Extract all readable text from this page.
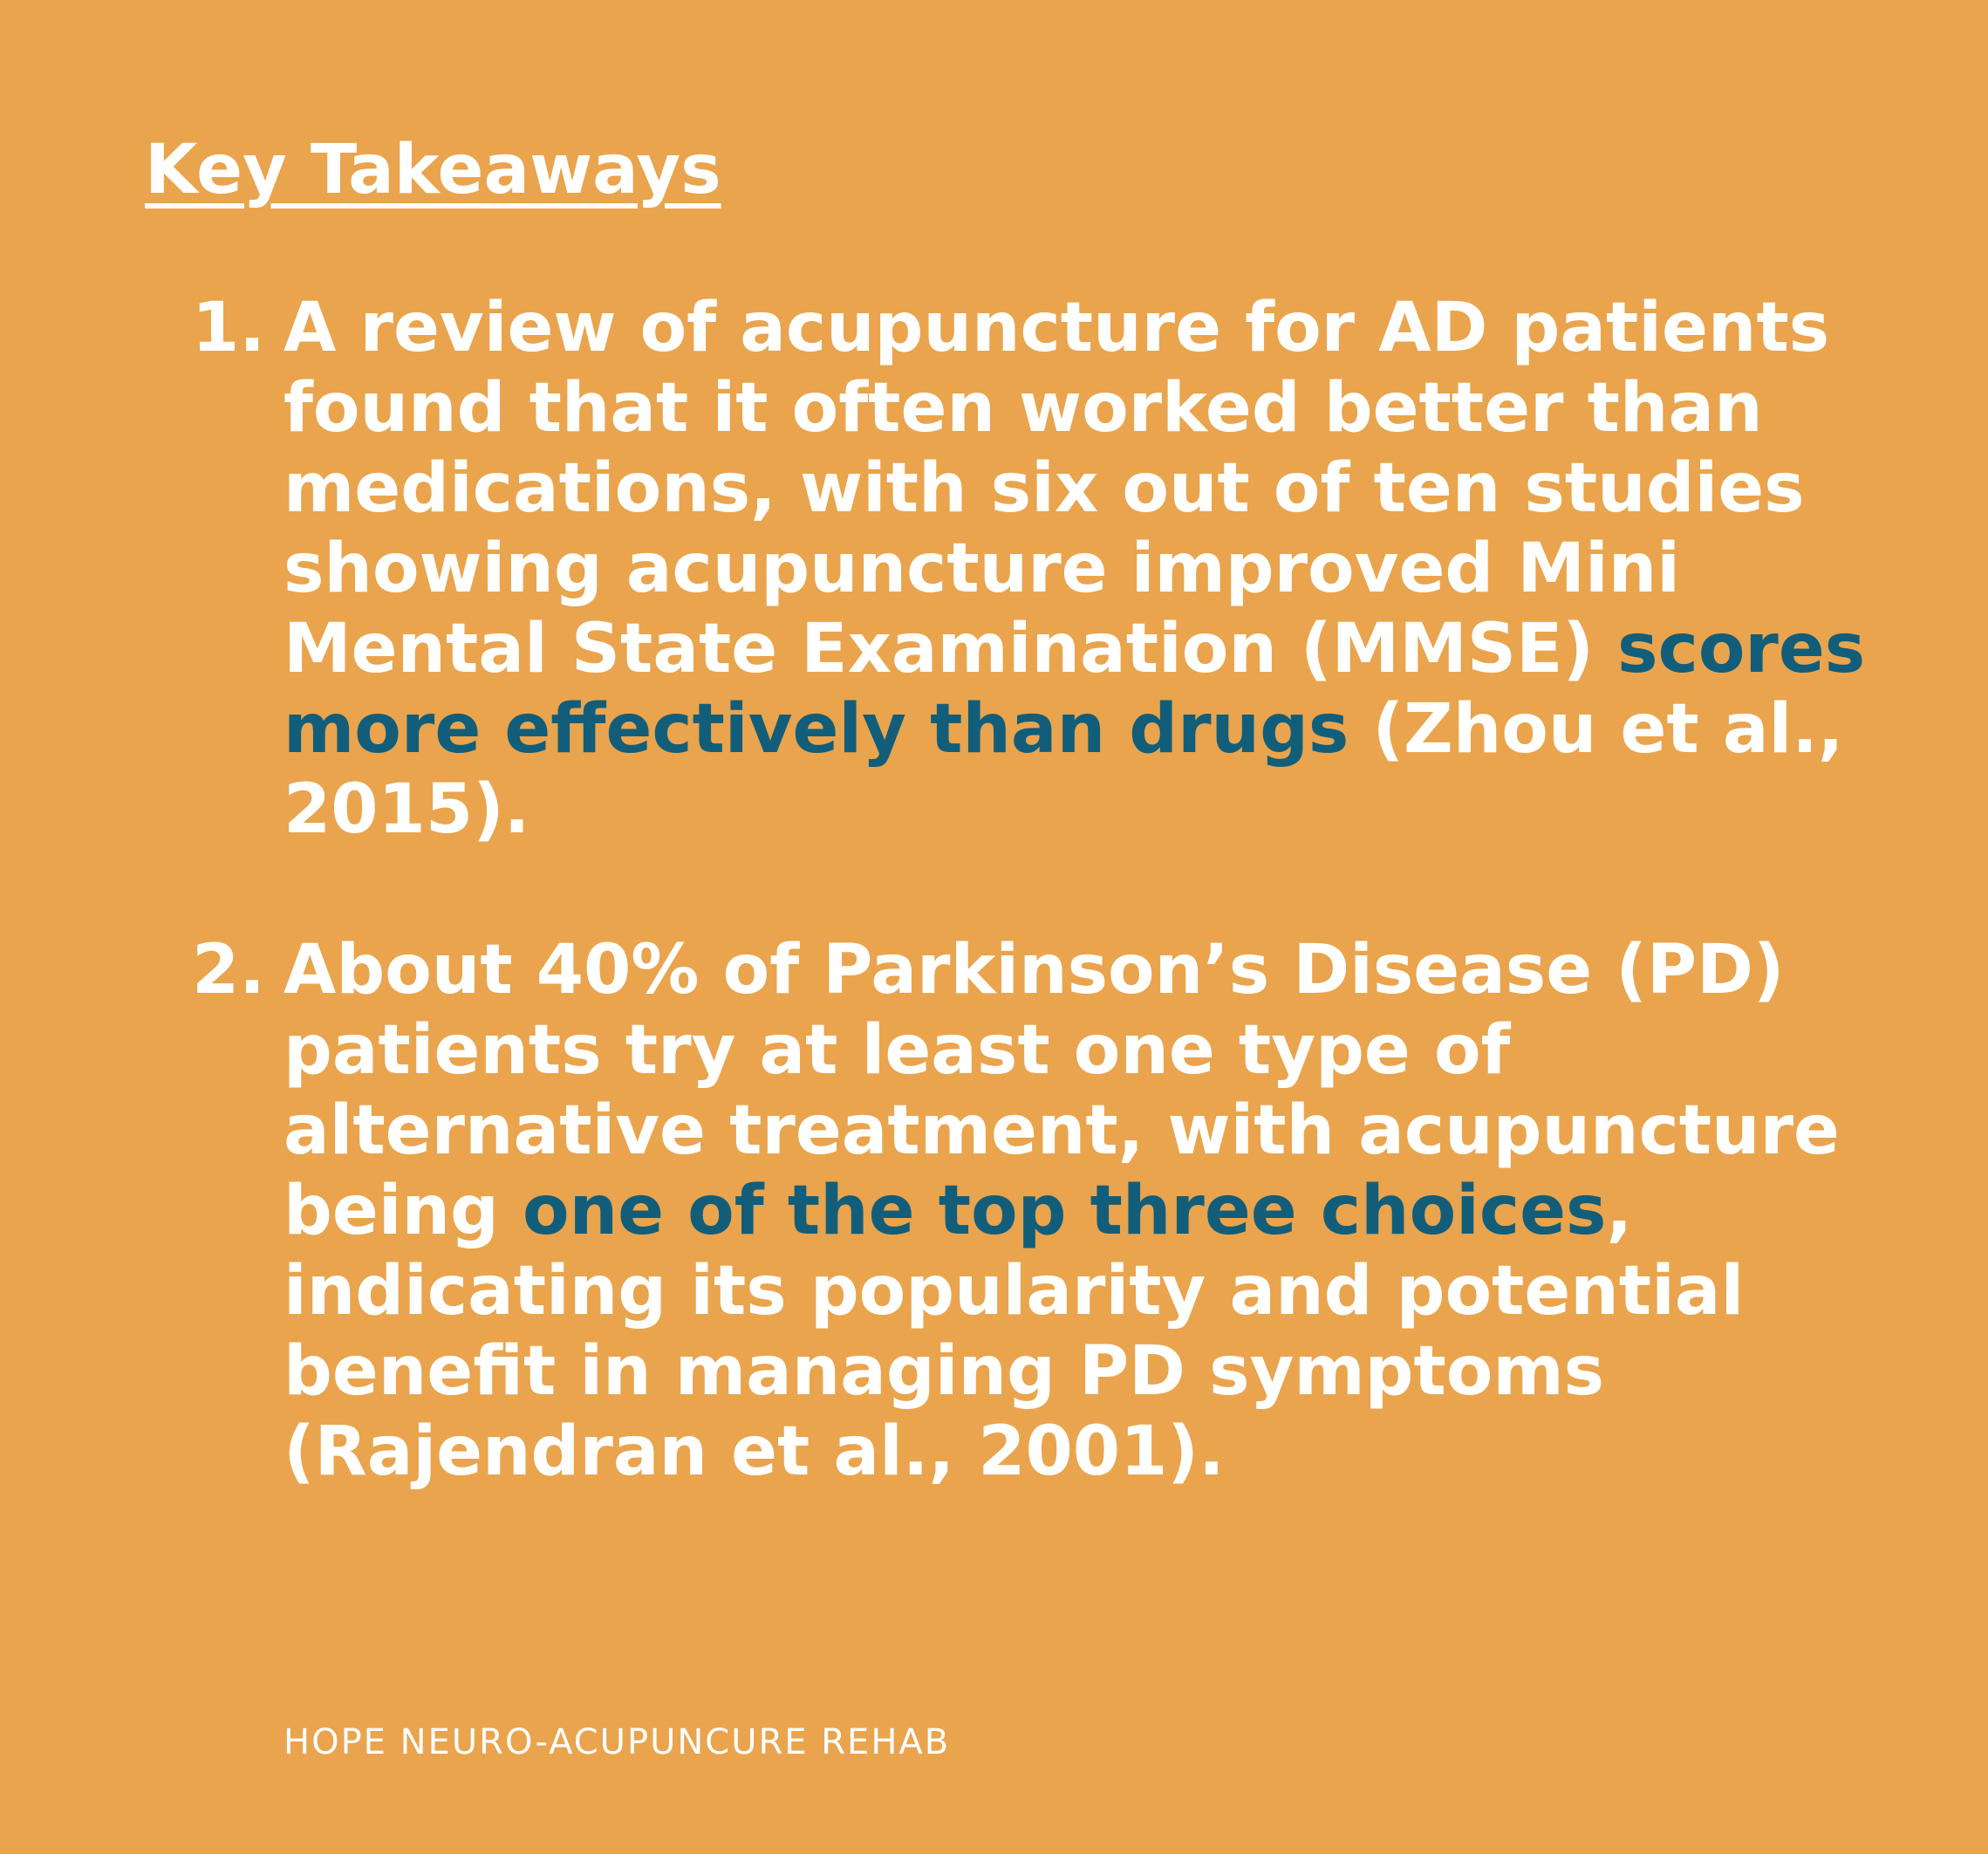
Key Takeaways
1. A review of acupuncture for AD patients found that it often worked better than medications, with six out of ten studies showing acupuncture improved Mini Mental State Examination (MMSE) scores more effectively than drugs (Zhou et al., 2015).
2. About 40% of Parkinson’s Disease (PD) patients try at least one type of alternative treatment, with acupuncture being one of the top three choices, indicating its popularity and potential benefit in managing PD symptoms (Rajendran et al., 2001).

HOPE NEURO-ACUPUNCURE REHAB
